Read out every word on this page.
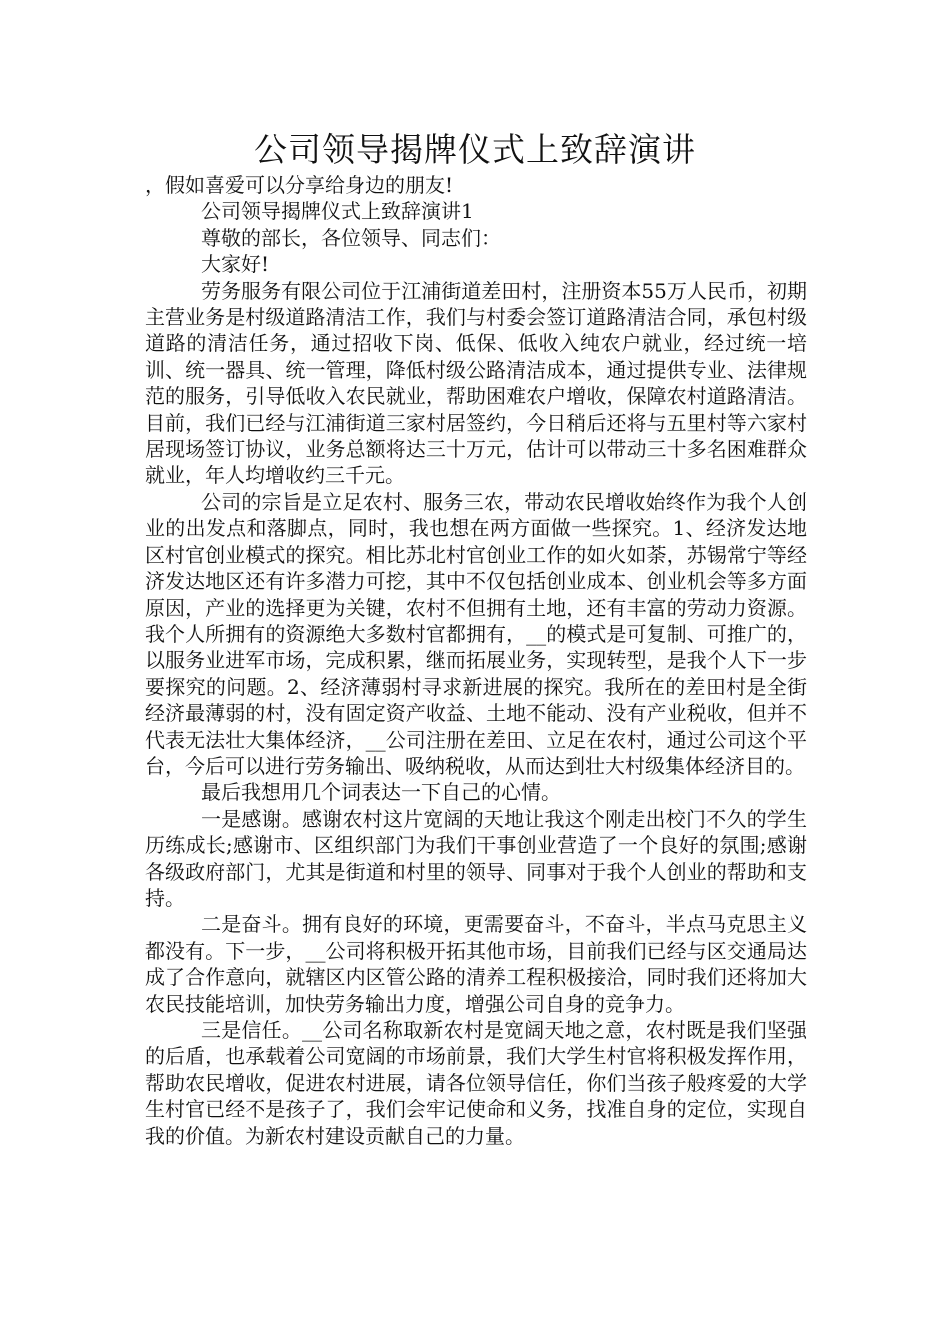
公司领导揭牌仪式上致辞演讲

，假如喜爱可以分享给身边的朋友!

公司领导揭牌仪式上致辞演讲1

尊敬的部长，各位领导、同志们：

大家好!

劳务服务有限公司位于江浦街道差田村，注册资本55万人民币，初期主营业务是村级道路清洁工作，我们与村委会签订道路清洁合同，承包村级道路的清洁任务，通过招收下岗、低保、低收入纯农户就业，经过统一培训、统一器具、统一管理，降低村级公路清洁成本，通过提供专业、法律规范的服务，引导低收入农民就业，帮助困难农户增收，保障农村道路清洁。目前，我们已经与江浦街道三家村居签约，今日稍后还将与五里村等六家村居现场签订协议，业务总额将达三十万元，估计可以带动三十多名困难群众就业，年人均增收约三千元。

公司的宗旨是立足农村、服务三农，带动农民增收始终作为我个人创业的出发点和落脚点，同时，我也想在两方面做一些探究。1、经济发达地区村官创业模式的探究。相比苏北村官创业工作的如火如荼，苏锡常宁等经济发达地区还有许多潜力可挖，其中不仅包括创业成本、创业机会等多方面原因，产业的选择更为关键，农村不但拥有土地，还有丰富的劳动力资源。我个人所拥有的资源绝大多数村官都拥有，__的模式是可复制、可推广的，以服务业进军市场，完成积累，继而拓展业务，实现转型，是我个人下一步要探究的问题。2、经济薄弱村寻求新进展的探究。我所在的差田村是全街经济最薄弱的村，没有固定资产收益、土地不能动、没有产业税收，但并不代表无法壮大集体经济，__公司注册在差田、立足在农村，通过公司这个平台，今后可以进行劳务输出、吸纳税收，从而达到壮大村级集体经济目的。

最后我想用几个词表达一下自己的心情。

一是感谢。感谢农村这片宽阔的天地让我这个刚走出校门不久的学生历练成长;感谢市、区组织部门为我们干事创业营造了一个良好的氛围;感谢各级政府部门，尤其是街道和村里的领导、同事对于我个人创业的帮助和支持。

二是奋斗。拥有良好的环境，更需要奋斗，不奋斗，半点马克思主义都没有。下一步，__公司将积极开拓其他市场，目前我们已经与区交通局达成了合作意向，就辖区内区管公路的清养工程积极接洽，同时我们还将加大农民技能培训，加快劳务输出力度，增强公司自身的竞争力。

三是信任。__公司名称取新农村是宽阔天地之意，农村既是我们坚强的后盾，也承载着公司宽阔的市场前景，我们大学生村官将积极发挥作用，帮助农民增收，促进农村进展，请各位领导信任，你们当孩子般疼爱的大学生村官已经不是孩子了，我们会牢记使命和义务，找准自身的定位，实现自我的价值。为新农村建设贡献自己的力量。
